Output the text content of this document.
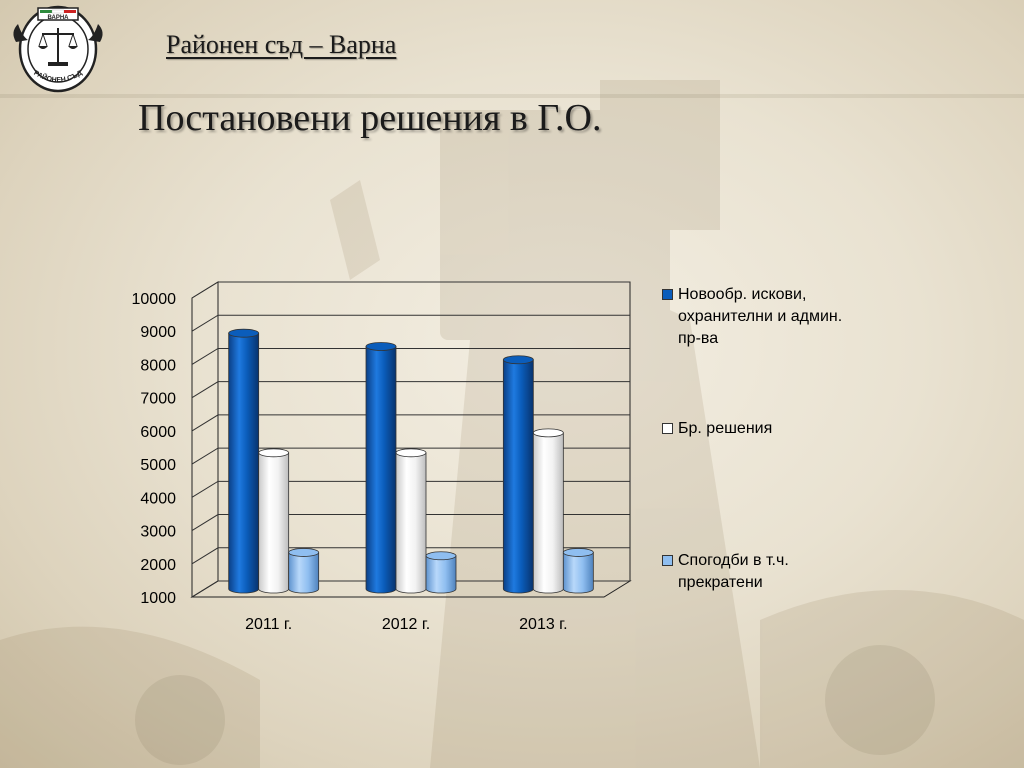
ВАРНА
РАЙОНЕН СЪД
Районен съд – Варна
Постановени решения в Г.О.
10000
9000
8000
7000
6000
5000
4000
3000
2000
1000
2011 г.	2012 г.	2013 г.
Новообр. искови, охранителни и админ. пр-ва
Бр. решения
Спогодби в т.ч. прекратени
